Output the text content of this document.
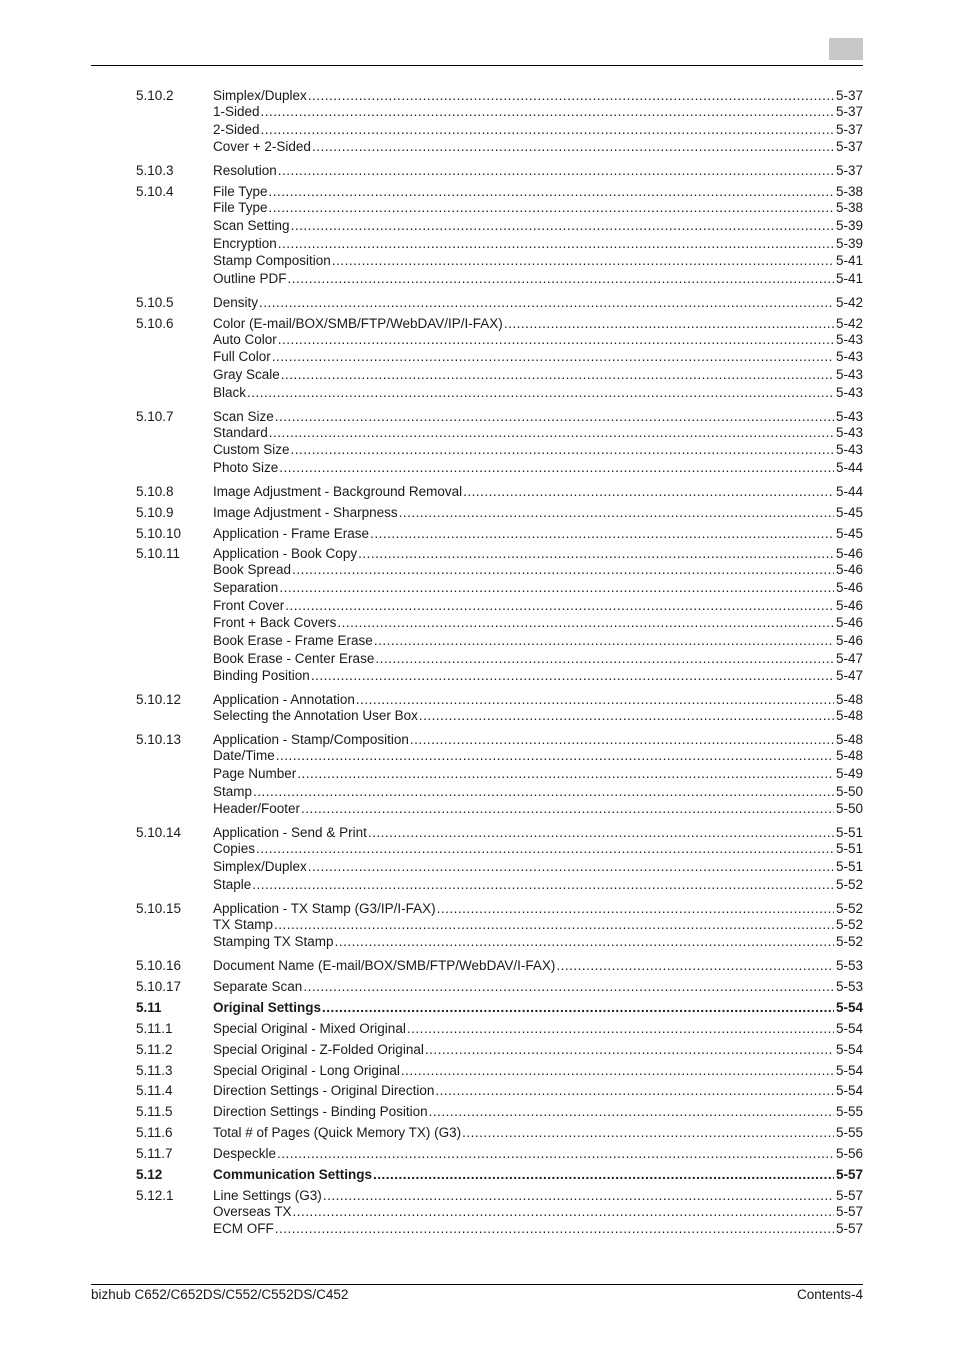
5.10.2	Simplex/Duplex .....	5-37
1-Sided .....	5-37
2-Sided .....	5-37
Cover + 2-Sided .....	5-37
5.10.3	Resolution .....	5-37
5.10.4	File Type .....	5-38
File Type .....	5-38
Scan Setting .....	5-39
Encryption .....	5-39
Stamp Composition .....	5-41
Outline PDF .....	5-41
5.10.5	Density .....	5-42
5.10.6	Color (E-mail/BOX/SMB/FTP/WebDAV/IP/I-FAX) .....	5-42
Auto Color .....	5-43
Full Color .....	5-43
Gray Scale .....	5-43
Black .....	5-43
5.10.7	Scan Size .....	5-43
Standard .....	5-43
Custom Size .....	5-43
Photo Size .....	5-44
5.10.8	Image Adjustment - Background Removal .....	5-44
5.10.9	Image Adjustment - Sharpness .....	5-45
5.10.10 Application - Frame Erase .....	5-45
5.10.11 Application - Book Copy .....	5-46
Book Spread .....	5-46
Separation .....	5-46
Front Cover .....	5-46
Front + Back Covers .....	5-46
Book Erase - Frame Erase .....	5-46
Book Erase - Center Erase .....	5-47
Binding Position .....	5-47
5.10.12 Application - Annotation .....	5-48
Selecting the Annotation User Box .....	5-48
5.10.13 Application - Stamp/Composition .....	5-48
Date/Time .....	5-48
Page Number .....	5-49
Stamp .....	5-50
Header/Footer .....	5-50
5.10.14 Application - Send & Print .....	5-51
Copies .....	5-51
Simplex/Duplex .....	5-51
Staple .....	5-52
5.10.15 Application - TX Stamp (G3/IP/I-FAX) .....	5-52
TX Stamp .....	5-52
Stamping TX Stamp .....	5-52
5.10.16 Document Name (E-mail/BOX/SMB/FTP/WebDAV/I-FAX) .....	5-53
5.10.17 Separate Scan .....	5-53
5.11	Original Settings .....	5-54
5.11.1	Special Original - Mixed Original .....	5-54
5.11.2	Special Original - Z-Folded Original .....	5-54
5.11.3	Special Original - Long Original .....	5-54
5.11.4	Direction Settings - Original Direction .....	5-54
5.11.5	Direction Settings - Binding Position .....	5-55
5.11.6	Total # of Pages (Quick Memory TX) (G3) .....	5-55
5.11.7	Despeckle .....	5-56
5.12	Communication Settings .....	5-57
5.12.1	Line Settings (G3) .....	5-57
Overseas TX .....	5-57
ECM OFF .....	5-57
bizhub C652/C652DS/C552/C552DS/C452	Contents-4
